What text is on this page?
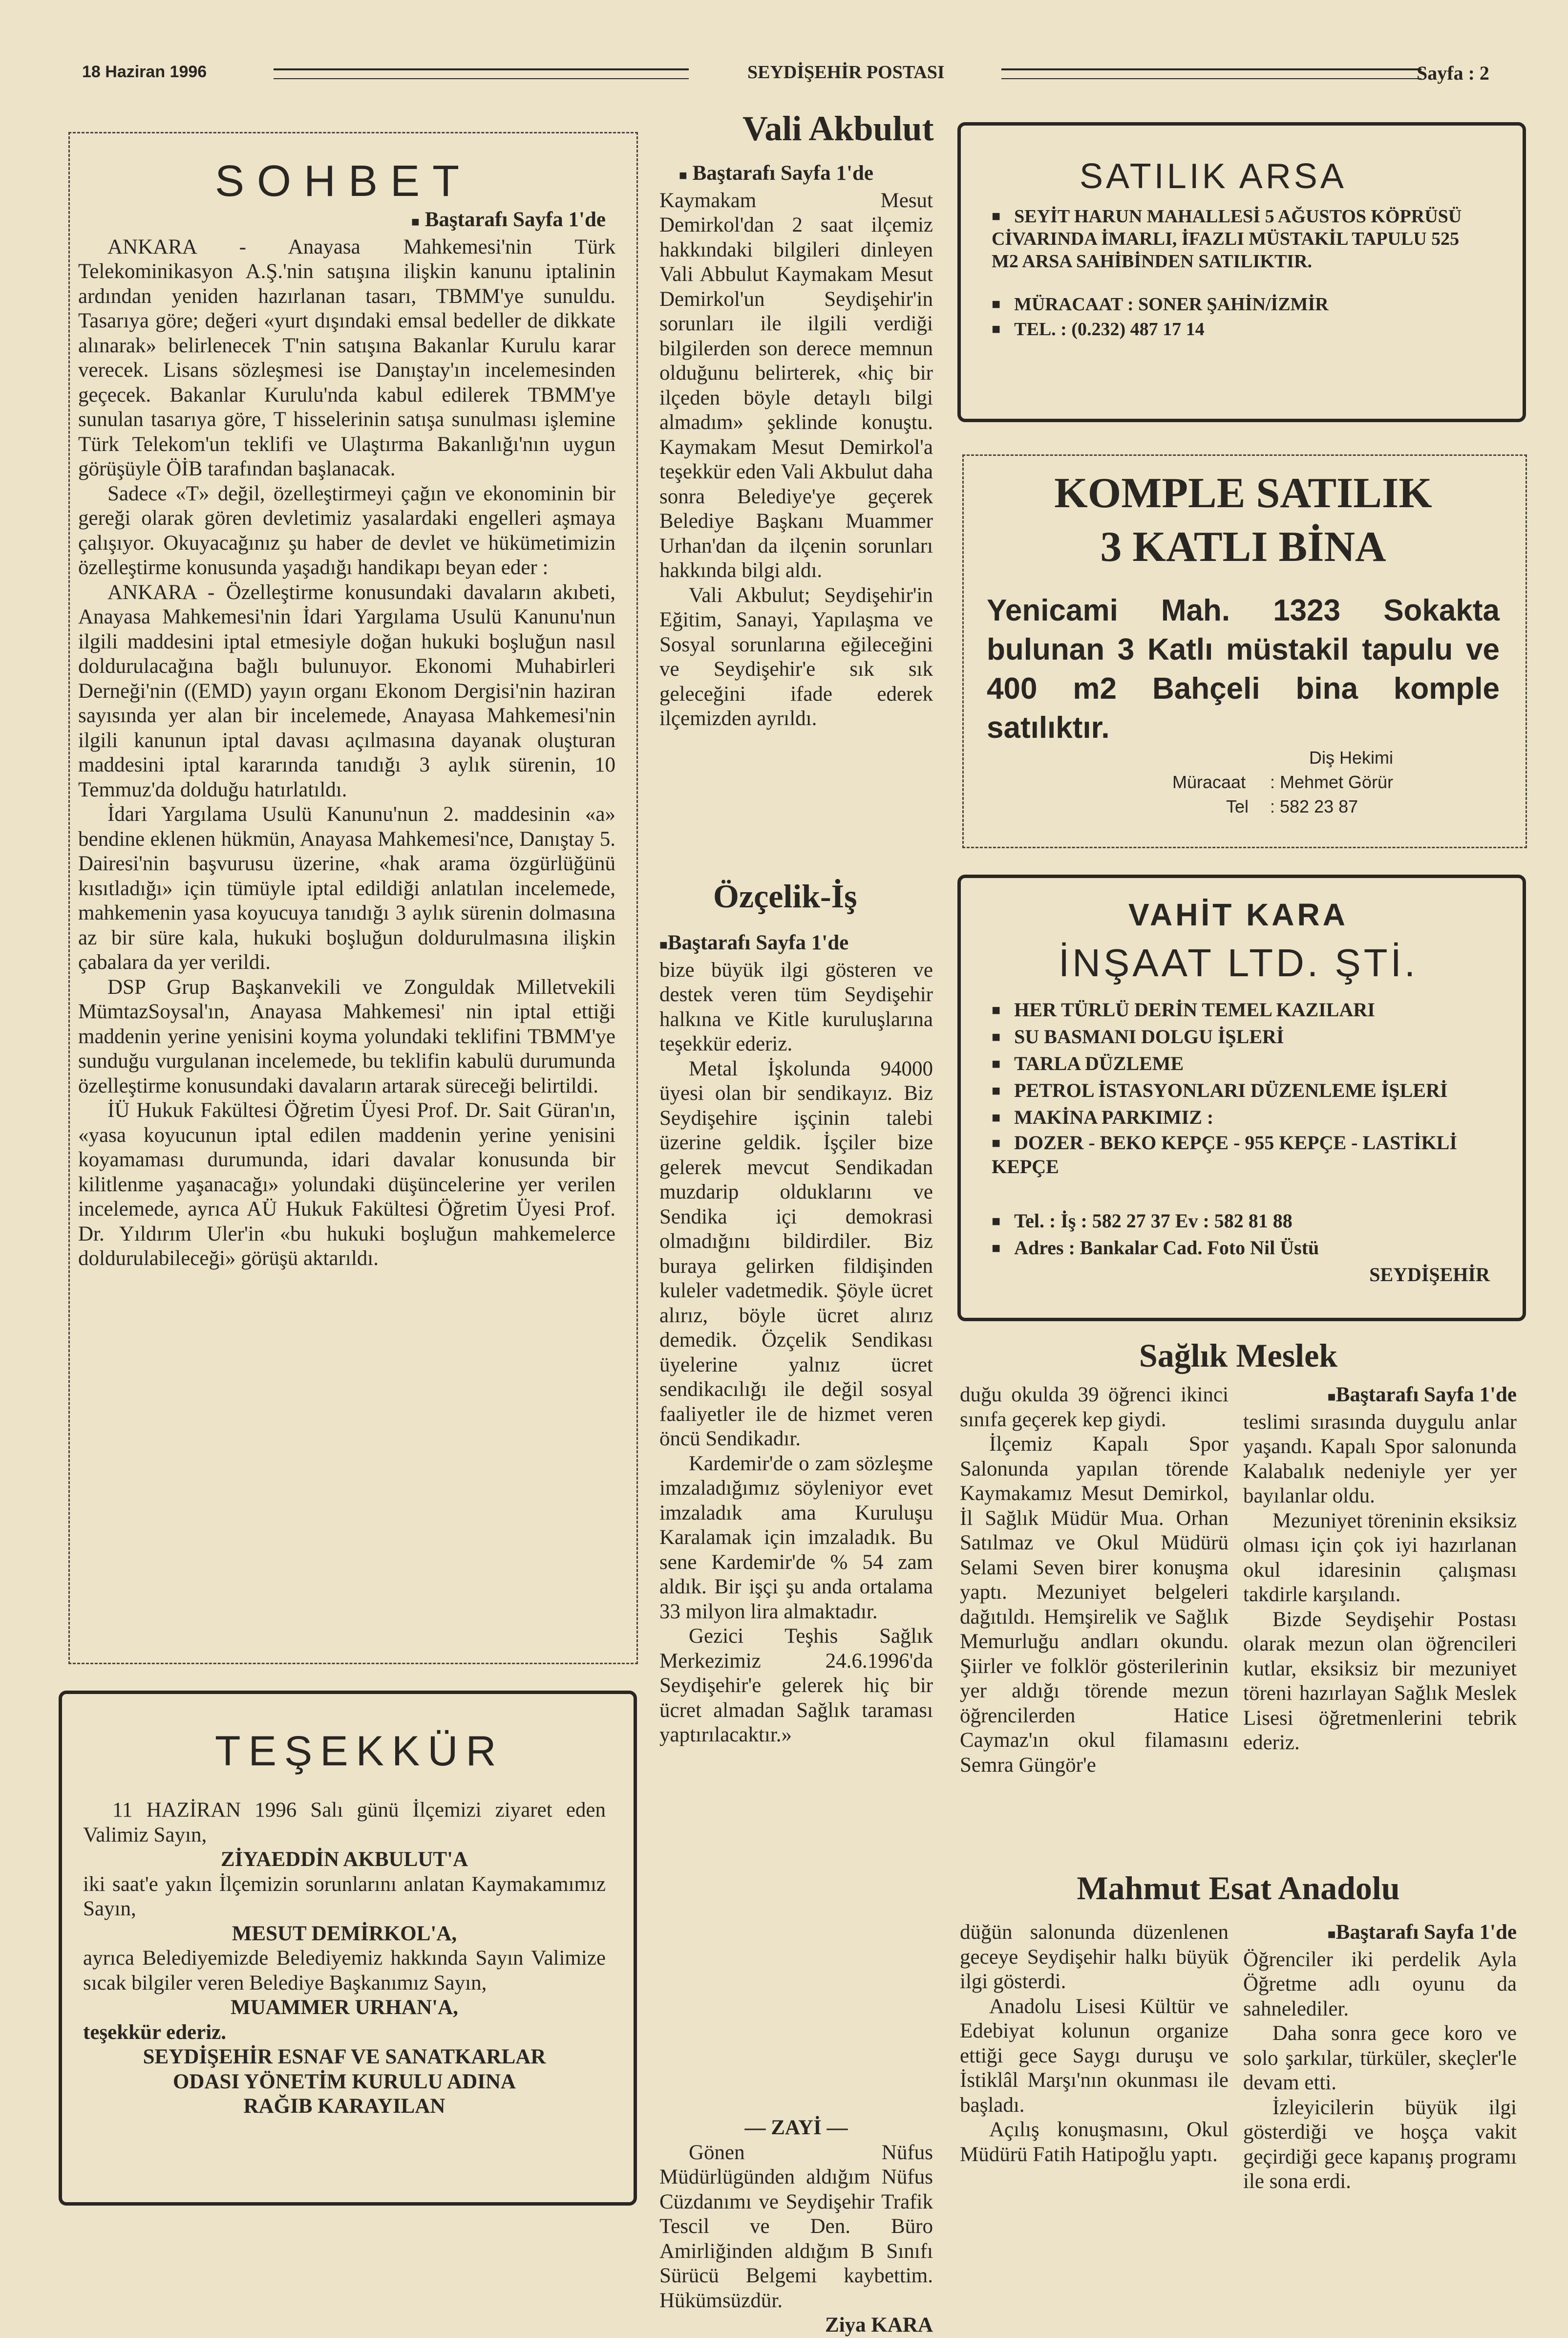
18 Haziran 1996	SEYDİŞEHİR POSTASI	Sayfa : 2
SOHBET
■ Baştarafı Sayfa 1'de

ANKARA - Anayasa Mahkemesi'nin Türk Telekominikasyon A.Ş.'nin satışına ilişkin kanunu iptalinin ardından yeniden hazırlanan tasarı, TBMM'ye sunuldu. Tasarıya göre; değeri «yurt dışındaki emsal bedeller de dikkate alınarak» belirlenecek T'nin satışına Bakanlar Kurulu karar verecek. Lisans sözleşmesi ise Danıştay'ın incelemesinden geçecek. Bakanlar Kurulu'nda kabul edilerek TBMM'ye sunulan tasarıya göre, T hisselerinin satışa sunulması işlemine Türk Telekom'un teklifi ve Ulaştırma Bakanlığı'nın uygun görüşüyle ÖİB tarafından başlanacak.

Sadece «T» değil, özelleştirmeyi çağın ve ekonominin bir gereği olarak gören devletimiz yasalardaki engelleri aşmaya çalışıyor. Okuyacağınız şu haber de devlet ve hükümetimizin özelleştirme konusunda yaşadığı handikapı beyan eder :

ANKARA - Özelleştirme konusundaki davaların akıbeti, Anayasa Mahkemesi'nin İdari Yargılama Usulü Kanunu'nun ilgili maddesini iptal etmesiyle doğan hukuki boşluğun nasıl doldurulacağına bağlı bulunuyor. Ekonomi Muhabirleri Derneği'nin ((EMD) yayın organı Ekonom Dergisi'nin haziran sayısında yer alan bir incelemede, Anayasa Mahkemesi'nin ilgili kanunun iptal davası açılmasına dayanak oluşturan maddesini iptal kararında tanıdığı 3 aylık sürenin, 10 Temmuz'da dolduğu hatırlatıldı.

İdari Yargılama Usulü Kanunu'nun 2. maddesinin «a» bendine eklenen hükmün, Anayasa Mahkemesi'nce, Danıştay 5. Dairesi'nin başvurusu üzerine, «hak arama özgürlüğünü kısıtladığı» için tümüyle iptal edildiği anlatılan incelemede, mahkemenin yasa koyucuya tanıdığı 3 aylık sürenin dolmasına az bir süre kala, hukuki boşluğun doldurulmasına ilişkin çabalara da yer verildi.

DSP Grup Başkanvekili ve Zonguldak Milletvekili MümtazSoysal'ın, Anayasa Mahkemesi' nin iptal ettiği maddenin yerine yenisini koyma yolundaki teklifini TBMM'ye sunduğu vurgulanan incelemede, bu teklifin kabulü durumunda özelleştirme konusundaki davaların artarak süreceği belirtildi.

İÜ Hukuk Fakültesi Öğretim Üyesi Prof. Dr. Sait Güran'ın, «yasa koyucunun iptal edilen maddenin yerine yenisini koyamaması durumunda, idari davalar konusunda bir kilitlenme yaşanacağı» yolundaki düşüncelerine yer verilen incelemede, ayrıca AÜ Hukuk Fakültesi Öğretim Üyesi Prof. Dr. Yıldırım Uler'in «bu hukuki boşluğun mahkemelerce doldurulabileceği» görüşü aktarıldı.

TEŞEKKÜR

11 HAZİRAN 1996 Salı günü İlçemizi ziyaret eden Valimiz Sayın,

ZİYAEDDİN AKBULUT'A

iki saat'e yakın İlçemizin sorunlarını anlatan Kaymakamımız Sayın,

MESUT DEMİRKOL'A,

ayrıca Belediyemizde Belediyemiz hakkında Sayın Valimize sıcak bilgiler veren Belediye Başkanımız Sayın,

MUAMMER URHAN'A,

teşekkür ederiz.

SEYDİŞEHİR ESNAF VE SANATKARLAR

ODASI YÖNETİM KURULU ADINA

RAĞIB KARAYILAN

Vali Akbulut
■ Baştarafı Sayfa 1'de

Kaymakam Mesut Demirkol'dan 2 saat ilçemiz hakkındaki bilgileri dinleyen Vali Abbulut Kaymakam Mesut Demirkol'un Seydişehir'in sorunları ile ilgili verdiği bilgilerden son derece memnun olduğunu belirterek, «hiç bir ilçeden böyle detaylı bilgi almadım» şeklinde konuştu. Kaymakam Mesut Demirkol'a teşekkür eden Vali Akbulut daha sonra Belediye'ye geçerek Belediye Başkanı Muammer Urhan'dan da ilçenin sorunları hakkında bilgi aldı.

Vali Akbulut; Seydişehir'in Eğitim, Sanayi, Yapılaşma ve Sosyal sorunlarına eğileceğini ve Seydişehir'e sık sık geleceğini ifade ederek ilçemizden ayrıldı.

Özçelik-İş
■Baştarafı Sayfa 1'de

bize büyük ilgi gösteren ve destek veren tüm Seydişehir halkına ve Kitle kuruluşlarına teşekkür ederiz.

Metal İşkolunda 94000 üyesi olan bir sendikayız. Biz Seydişehire işçinin talebi üzerine geldik. İşçiler bize gelerek mevcut Sendikadan muzdarip olduklarını ve Sendika içi demokrasi olmadığını bildirdiler. Biz buraya gelirken fildişinden kuleler vadetmedik. Şöyle ücret alırız, böyle ücret alırız demedik. Özçelik Sendikası üyelerine yalnız ücret sendikacılığı ile değil sosyal faaliyetler ile de hizmet veren öncü Sendikadır.

Kardemir'de o zam sözleşme imzaladığımız söyleniyor evet imzaladık ama Kuruluşu Karalamak için imzaladık. Bu sene Kardemir'de % 54 zam aldık. Bir işçi şu anda ortalama 33 milyon lira almaktadır.

Gezici Teşhis Sağlık Merkezimiz 24.6.1996'da Seydişehir'e gelerek hiç bir ücret almadan Sağlık taraması yaptırılacaktır.»

— ZAYİ —

Gönen Nüfus Müdürlügünden aldığım Nüfus Cüzdanımı ve Seydişehir Trafik Tescil ve Den. Büro Amirliğinden aldığım B Sınıfı Sürücü Belgemi kaybettim. Hükümsüzdür.

Ziya KARA

SATILIK ARSA

■ SEYİT HARUN MAHALLESİ 5 AĞUSTOS KÖPRÜSÜ CİVARINDA İMARLI, İFAZLI MÜSTAKİL TAPULU 525 M2 ARSA SAHİBİNDEN SATILIKTIR.

■ MÜRACAAT : SONER ŞAHİN/İZMİR

■ TEL. : (0.232) 487 17 14

KOMPLE SATILIK
3 KATLI BİNA
Yenicami Mah. 1323 Sokakta bulunan 3 Katlı müstakil tapulu ve 400 m2 Bahçeli bina komple satılıktır.
Diş Hekimi
Müracaat : Mehmet Görür
Tel : 582 23 87
VAHİT KARA
İNŞAAT LTD. ŞTİ.
■ HER TÜRLÜ DERİN TEMEL KAZILARI
■ SU BASMANI DOLGU İŞLERİ
■ TARLA DÜZLEME
■ PETROL İSTASYONLARI DÜZENLEME İŞLERİ
■ MAKİNA PARKIMIZ :
■ DOZER - BEKO KEPÇE - 955 KEPÇE - LASTİKLİ KEPÇE
■ Tel. : İş : 582 27 37 Ev : 582 81 88
■ Adres : Bankalar Cad. Foto Nil Üstü
SEYDİŞEHİR
Sağlık Meslek

duğu okulda 39 öğrenci ikinci sınıfa geçerek kep giydi.

İlçemiz Kapalı Spor Salonunda yapılan törende Kaymakamız Mesut Demirkol, İl Sağlık Müdür Mua. Orhan Satılmaz ve Okul Müdürü Selami Seven birer konuşma yaptı. Mezuniyet belgeleri dağıtıldı. Hemşirelik ve Sağlık Memurluğu andları okundu. Şiirler ve folklör gösterilerinin yer aldığı törende mezun öğrencilerden Hatice Caymaz'ın okul filamasını Semra Güngör'e

■Baştarafı Sayfa 1'de

teslimi sırasında duygulu anlar yaşandı. Kapalı Spor salonunda Kalabalık nedeniyle yer yer bayılanlar oldu.

Mezuniyet töreninin eksiksiz olması için çok iyi hazırlanan okul idaresinin çalışması takdirle karşılandı.

Bizde Seydişehir Postası olarak mezun olan öğrencileri kutlar, eksiksiz bir mezuniyet töreni hazırlayan Sağlık Meslek Lisesi öğretmenlerini tebrik ederiz.

Mahmut Esat Anadolu

düğün salonunda düzenlenen geceye Seydişehir halkı büyük ilgi gösterdi.

Anadolu Lisesi Kültür ve Edebiyat kolunun organize ettiği gece Saygı duruşu ve İstiklâl Marşı'nın okunması ile başladı.

Açılış konuşmasını, Okul Müdürü Fatih Hatipoğlu yaptı.

■Baştarafı Sayfa 1'de

Öğrenciler iki perdelik Ayla Öğretme adlı oyunu da sahnelediler.

Daha sonra gece koro ve solo şarkılar, türküler, skeçler'le devam etti.

İzleyicilerin büyük ilgi gösterdiği ve hoşça vakit geçirdiği gece kapanış programı ile sona erdi.
